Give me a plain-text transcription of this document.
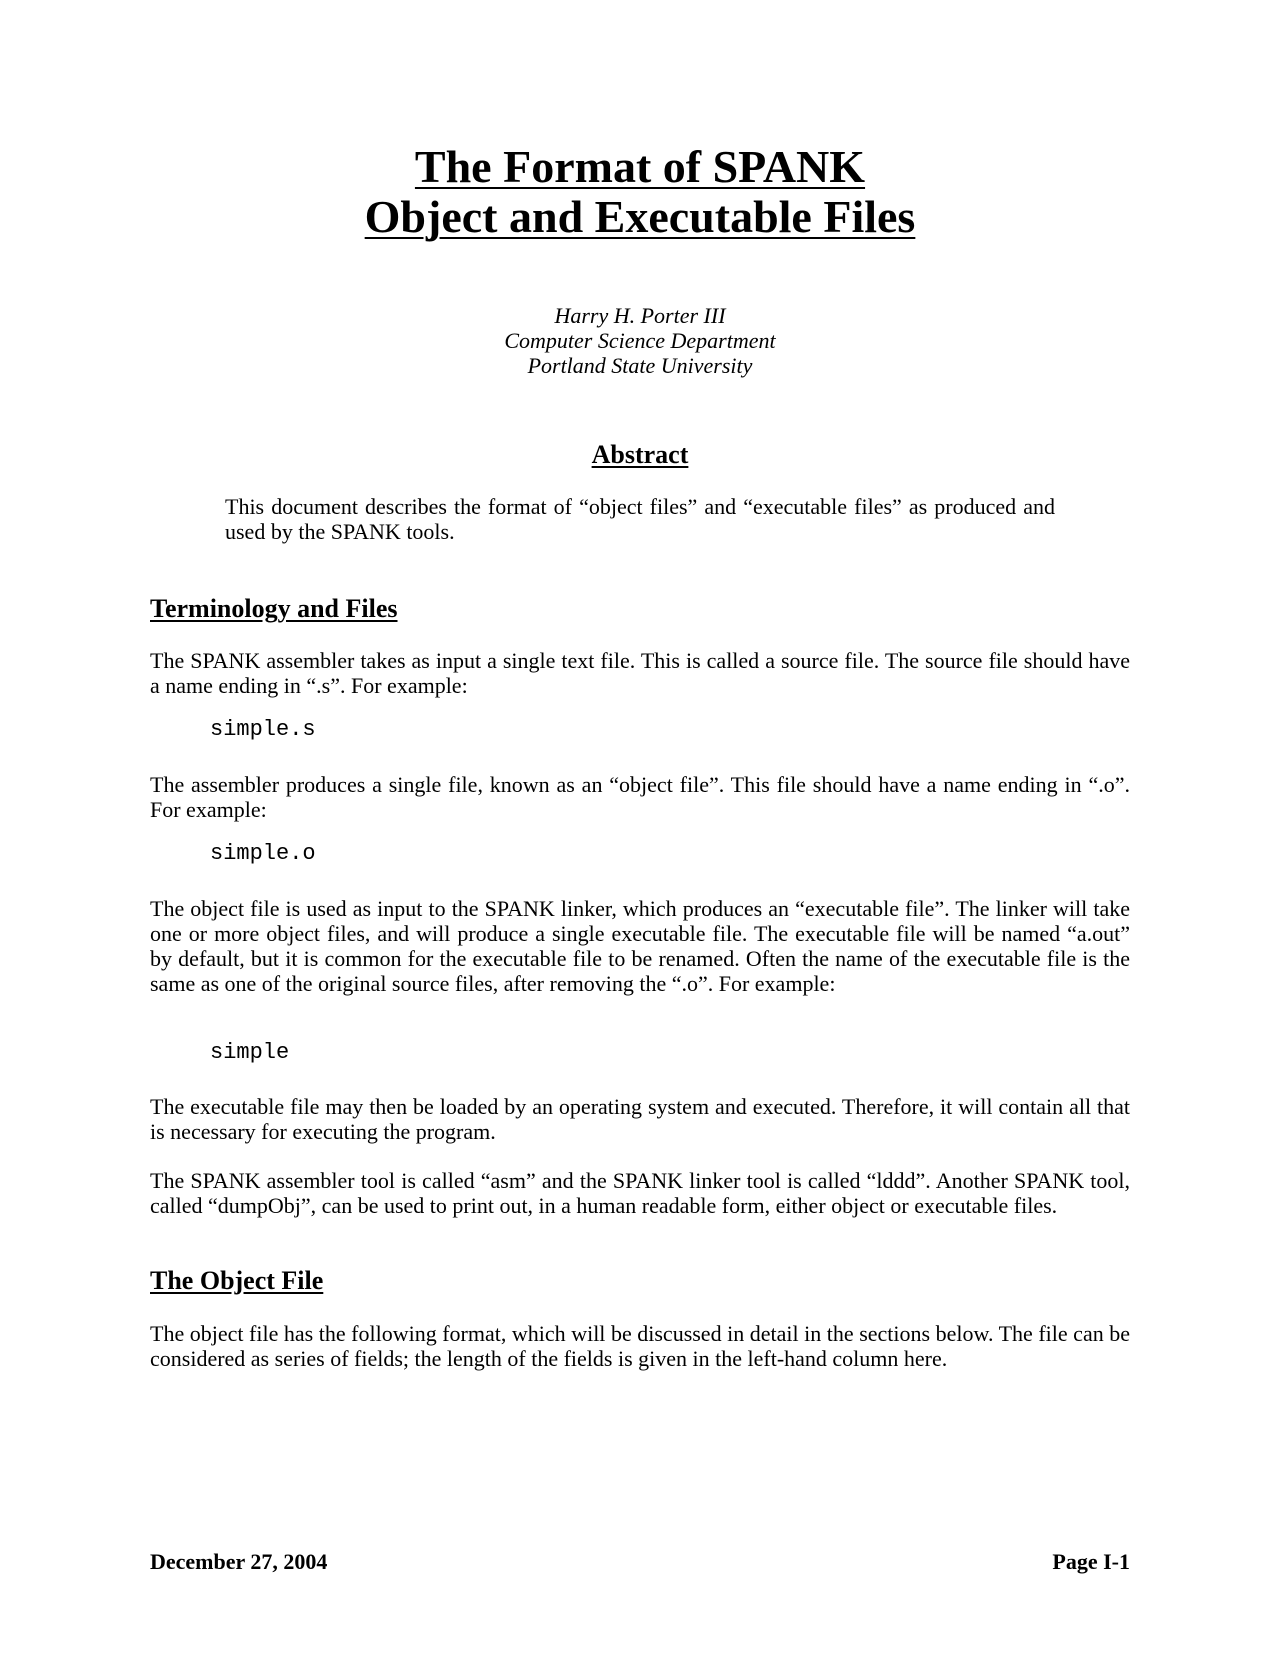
The Format of SPANK
Object and Executable Files
Harry H. Porter III
Computer Science Department
Portland State University
Abstract
This document describes the format of “object files” and “executable files” as produced and used by the SPANK tools.
Terminology and Files
The SPANK assembler takes as input a single text file. This is called a source file. The source file should have a name ending in “.s”. For example:
simple.s
The assembler produces a single file, known as an “object file”. This file should have a name ending in “.o”. For example:
simple.o
The object file is used as input to the SPANK linker, which produces an “executable file”. The linker will take one or more object files, and will produce a single executable file. The executable file will be named “a.out” by default, but it is common for the executable file to be renamed. Often the name of the executable file is the same as one of the original source files, after removing the “.o”. For example:
simple
The executable file may then be loaded by an operating system and executed. Therefore, it will contain all that is necessary for executing the program.
The SPANK assembler tool is called “asm” and the SPANK linker tool is called “lddd”. Another SPANK tool, called “dumpObj”, can be used to print out, in a human readable form, either object or executable files.
The Object File
The object file has the following format, which will be discussed in detail in the sections below. The file can be considered as series of fields; the length of the fields is given in the left-hand column here.
December 27, 2004	Page I-1
